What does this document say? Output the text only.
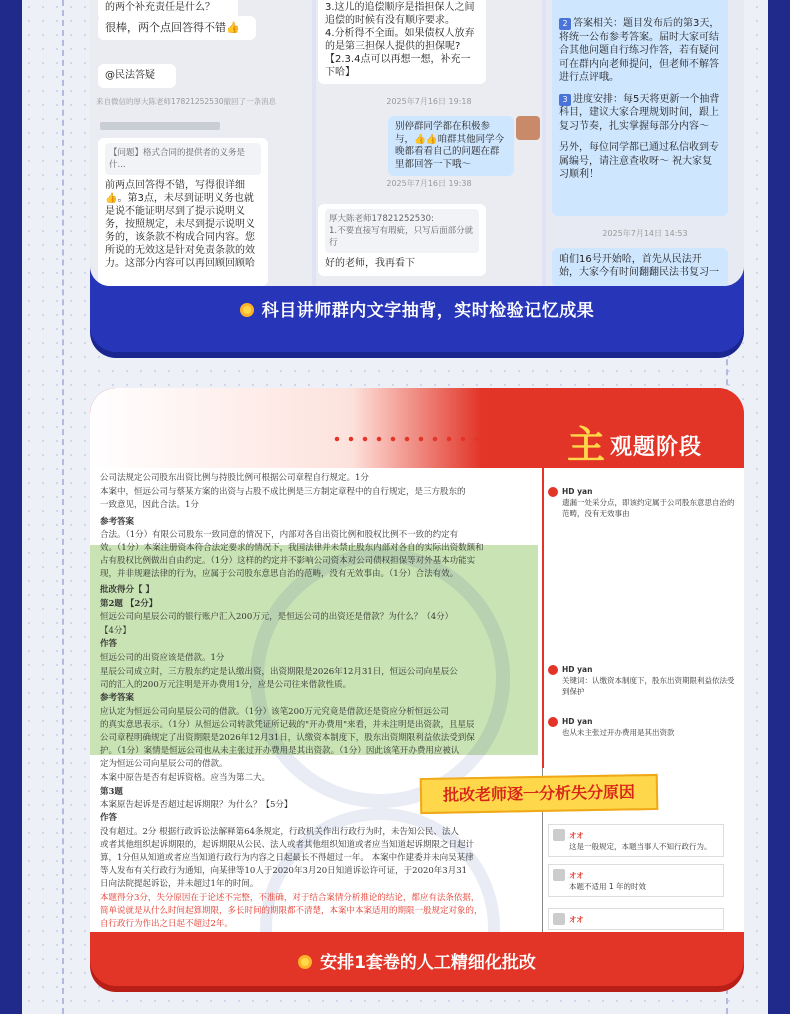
的两个补充责任是什么？
很棒，两个点回答得不错👍
@民法答疑
来自微信的厚大陈老师17821252530撤回了一条消息
【问题】格式合同的提供者的义务是什...
前两点回答得不错，写得很详细👍。第3点，未尽到证明义务也就是说不能证明尽到了提示说明义务，按照规定，未尽到提示说明义务的，该条款不构成合同内容。您所说的无效这是针对免责条款的效力。这部分内容可以再回顾回顾哈
3.这儿的追偿顺序是指担保人之间追偿的时候有没有顺序要求。
4.分析得不全面。如果债权人放弃的是第三担保人提供的担保呢?
【2.3.4点可以再想一想，补充一下哈】
2025年7月16日 19:18
别停群同学都在积极参与，👍👍咱群其他同学今晚都看看自己的问题在群里都回答一下哦～
2025年7月16日 19:38
厚大陈老师17821252530:
1.不要直接写有瑕疵，只写后面部分就行
好的老师，我再看下
2 答案相关：题目发布后的第3天，将统一公布参考答案。届时大家可结合其他问题自行练习作答，若有疑问可在群内向老师提问，但老师不解答进行点评哦。
3 进度安排：每5天将更新一个抽背科目，建议大家合理规划时间，跟上复习节奏，扎实掌握每部分内容～
另外，每位同学都已通过私信收到专属编号，请注意查收呀～ 祝大家复习顺利！
2025年7月14日 14:53
咱们16号开始哈，首先从民法开始，大家今有时间翻翻民法书复习一
科目讲师群内文字抽背，实时检验记忆成果
主观题阶段
公司法规定公司股东出资比例与持股比例可根据公司章程自行规定。1分
本案中，恒远公司与蔡某方案的出资与占股不成比例是三方制定章程中的自行规定，是三方股东的
一致意见，因此合法。1分
参考答案
合法。（1分）有限公司股东一致同意的情况下，内部对各自出资比例和股权比例不一致的约定有
效。（1分）本案注册资本符合法定要求的情况下，我国法律并未禁止股东内部对各自的实际出资数额和
占有股权比例做出自由约定。（1分）这样的约定并不影响公司资本对公司债权担保等对外基本功能实
现，并非规避法律的行为，应属于公司股东意思自治的范畴，没有无效事由。（1分）合法有效。
批改得分【 】
第2题 【2分】
恒远公司向星辰公司的银行账户汇入200万元，是恒远公司的出资还是借款？为什么？（4分）
【4分】
作答
恒远公司的出资应该是借款。1分
星辰公司成立时，三方股东约定是认缴出资，出资期限是2026年12月31日，恒远公司向星辰公
司的汇入的200万元注明是开办费用1分，应是公司往来借款性质。
参考答案
应认定为恒远公司向星辰公司的借款。（1分）该笔200万元究竟是借款还是资应分析恒远公司
的真实意思表示。（1分）从恒远公司转款凭证所记载的"开办费用"来看，并未注明是出资款，且星辰
公司章程明确规定了出资期限是2026年12月31日，认缴资本制度下，股东出资期限利益依法受到保
护。（1分）案情是恒远公司也从未主张过开办费用是其出资款。（1分）因此该笔开办费用应被认
定为恒远公司向星辰公司的借款。
本案中原告是否有起诉资格。应当为第二大。
第3题
本案原告起诉是否超过起诉期限？为什么？【5分】
作答
没有超过。2分 根据行政诉讼法解释第64条规定，行政机关作出行政行为时，未告知公民、法人
或者其他组织起诉期限的，起诉期限从公民、法人或者其他组织知道或者应当知道起诉期限之日起计
算，1分但从知道或者应当知道行政行为内容之日起最长不得超过一年。 本案中作建委并未向吴某律
等人发布有关行政行为通知，向某律等10人于2020年3月20日知道诉讼许可证，于2020年3月31
日向法院提起诉讼，并未超过1年的时间。
本题得分3分，失分原因在于论述不完整，不准确，对于结合案情分析推论的结论，都应有法条依据，
简单说就是从什么时间起算期限，多长时间的期限都不清楚，本案中本案适用的期限一般规定对象的，
自行政行为作出之日起不超过2年。
HD yan
遗漏一处采分点，即该约定属于公司股东意思自治的范畴，没有无效事由
HD yan
关键词：认缴资本制度下，股东出资期限利益依法受到保护
HD yan
也从未主张过开办费用是其出资款
オオ
这是一般规定，本题当事人不知行政行为。
オオ
本题不适用 1 年的时效
オオ
批改老师逐一分析失分原因
安排1套卷的人工精细化批改
